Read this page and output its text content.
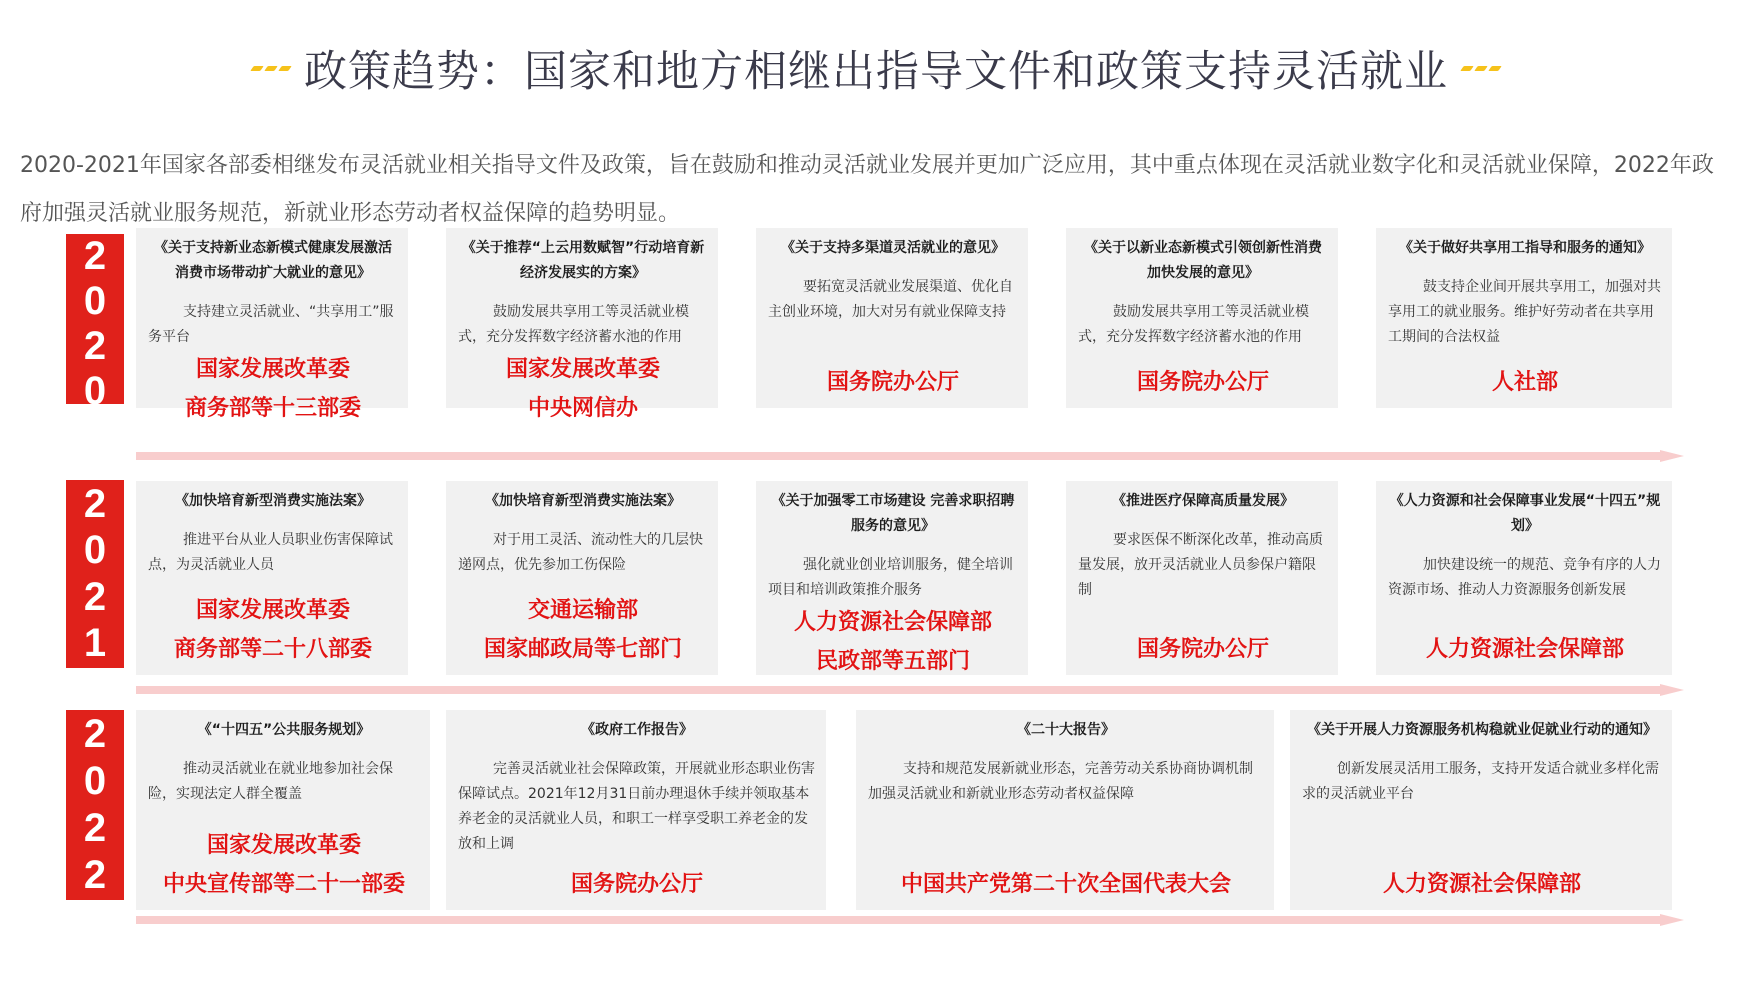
政策趋势：国家和地方相继出指导文件和政策支持灵活就业

2020-2021年国家各部委相继发布灵活就业相关指导文件及政策，旨在鼓励和推动灵活就业发展并更加广泛应用，其中重点体现在灵活就业数字化和灵活就业保障，2022年政府加强灵活就业服务规范，新就业形态劳动者权益保障的趋势明显。

2
0
2
0
《关于支持新业态新模式健康发展激活消费市场带动扩大就业的意见》
支持建立灵活就业、“共享用工”服务平台
国家发展改革委
商务部等十三部委
《关于推荐“上云用数赋智”行动培育新经济发展实的方案》
鼓励发展共享用工等灵活就业模式，充分发挥数字经济蓄水池的作用
国家发展改革委
中央网信办
《关于支持多渠道灵活就业的意见》
要拓宽灵活就业发展渠道、优化自主创业环境，加大对另有就业保障支持
国务院办公厅
《关于以新业态新模式引领创新性消费加快发展的意见》
鼓励发展共享用工等灵活就业模式，充分发挥数字经济蓄水池的作用
国务院办公厅
《关于做好共享用工指导和服务的通知》
鼓支持企业间开展共享用工，加强对共享用工的就业服务。维护好劳动者在共享用工期间的合法权益
人社部
2
0
2
1
《加快培育新型消费实施法案》
推进平台从业人员职业伤害保障试点，为灵活就业人员
国家发展改革委
商务部等二十八部委
《加快培育新型消费实施法案》
对于用工灵活、流动性大的几层快递网点，优先参加工伤保险
交通运输部
国家邮政局等七部门
《关于加强零工市场建设 完善求职招聘服务的意见》
强化就业创业培训服务，健全培训项目和培训政策推介服务
人力资源社会保障部
民政部等五部门
《推进医疗保障高质量发展》
要求医保不断深化改革，推动高质量发展，放开灵活就业人员参保户籍限制
国务院办公厅
《人力资源和社会保障事业发展“十四五”规划》
加快建设统一的规范、竞争有序的人力资源市场、推动人力资源服务创新发展
人力资源社会保障部
2
0
2
2
《“十四五”公共服务规划》
推动灵活就业在就业地参加社会保险，实现法定人群全覆盖
国家发展改革委
中央宣传部等二十一部委
《政府工作报告》
完善灵活就业社会保障政策，开展就业形态职业伤害保障试点。2021年12月31日前办理退休手续并领取基本养老金的灵活就业人员，和职工一样享受职工养老金的发放和上调
国务院办公厅
《二十大报告》
支持和规范发展新就业形态，完善劳动关系协商协调机制加强灵活就业和新就业形态劳动者权益保障
中国共产党第二十次全国代表大会
《关于开展人力资源服务机构稳就业促就业行动的通知》
创新发展灵活用工服务，支持开发适合就业多样化需求的灵活就业平台
人力资源社会保障部
